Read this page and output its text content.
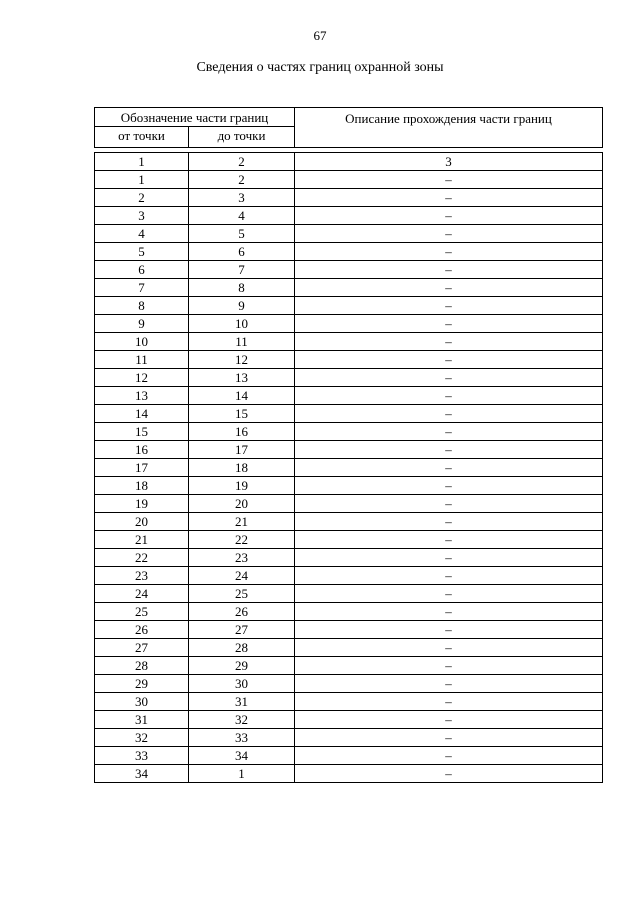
67
Сведения о частях границ охранной зоны
Обозначение части границ		Описание прохождения части границ
от точки	до точки	

1	2	3
1	2	–
2	3	–
3	4	–
4	5	–
5	6	–
6	7	–
7	8	–
8	9	–
9	10	–
10	11	–
11	12	–
12	13	–
13	14	–
14	15	–
15	16	–
16	17	–
17	18	–
18	19	–
19	20	–
20	21	–
21	22	–
22	23	–
23	24	–
24	25	–
25	26	–
26	27	–
27	28	–
28	29	–
29	30	–
30	31	–
31	32	–
32	33	–
33	34	–
34	1	–
